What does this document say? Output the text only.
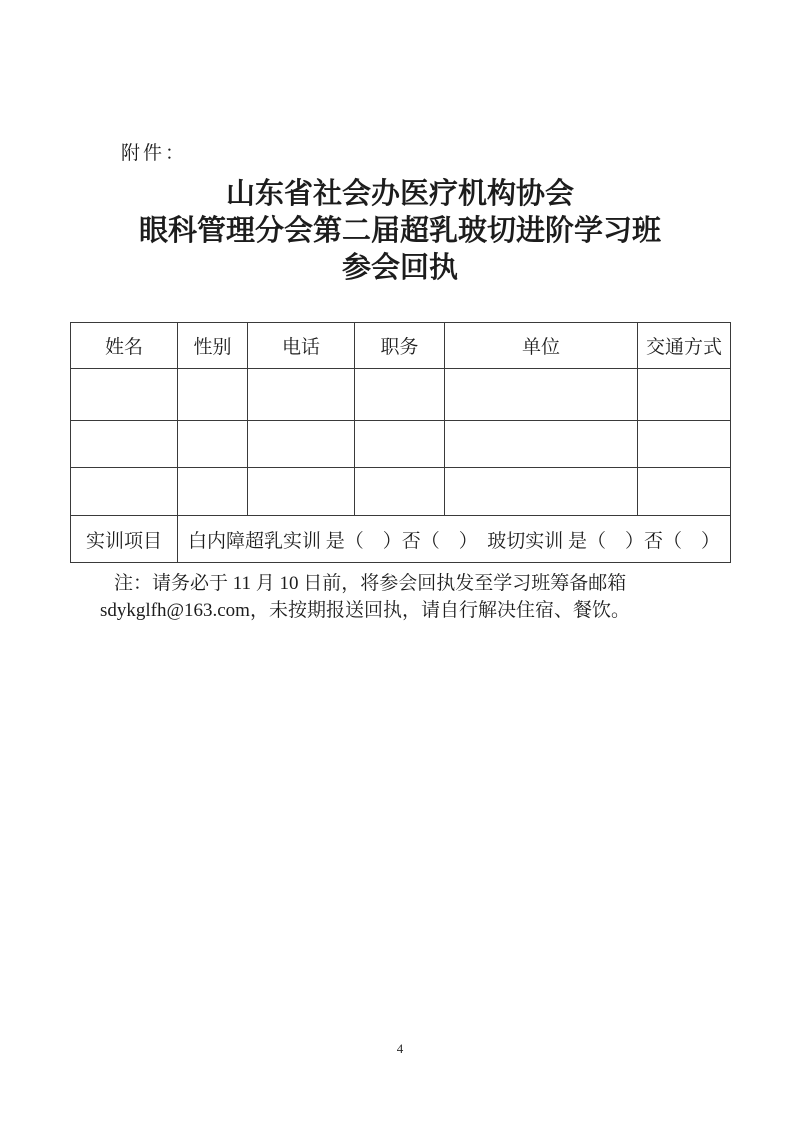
附件：
山东省社会办医疗机构协会
眼科管理分会第二届超乳玻切进阶学习班
参会回执
姓名	性别	电话	职务	单位	交通方式

实训项目	白内障超乳实训 是（　）否（　）　玻切实训 是（　）否（　）				
注：请务必于 11 月 10 日前，将参会回执发至学习班筹备邮箱
sdykglfh@163.com，未按期报送回执，请自行解决住宿、餐饮。
4
